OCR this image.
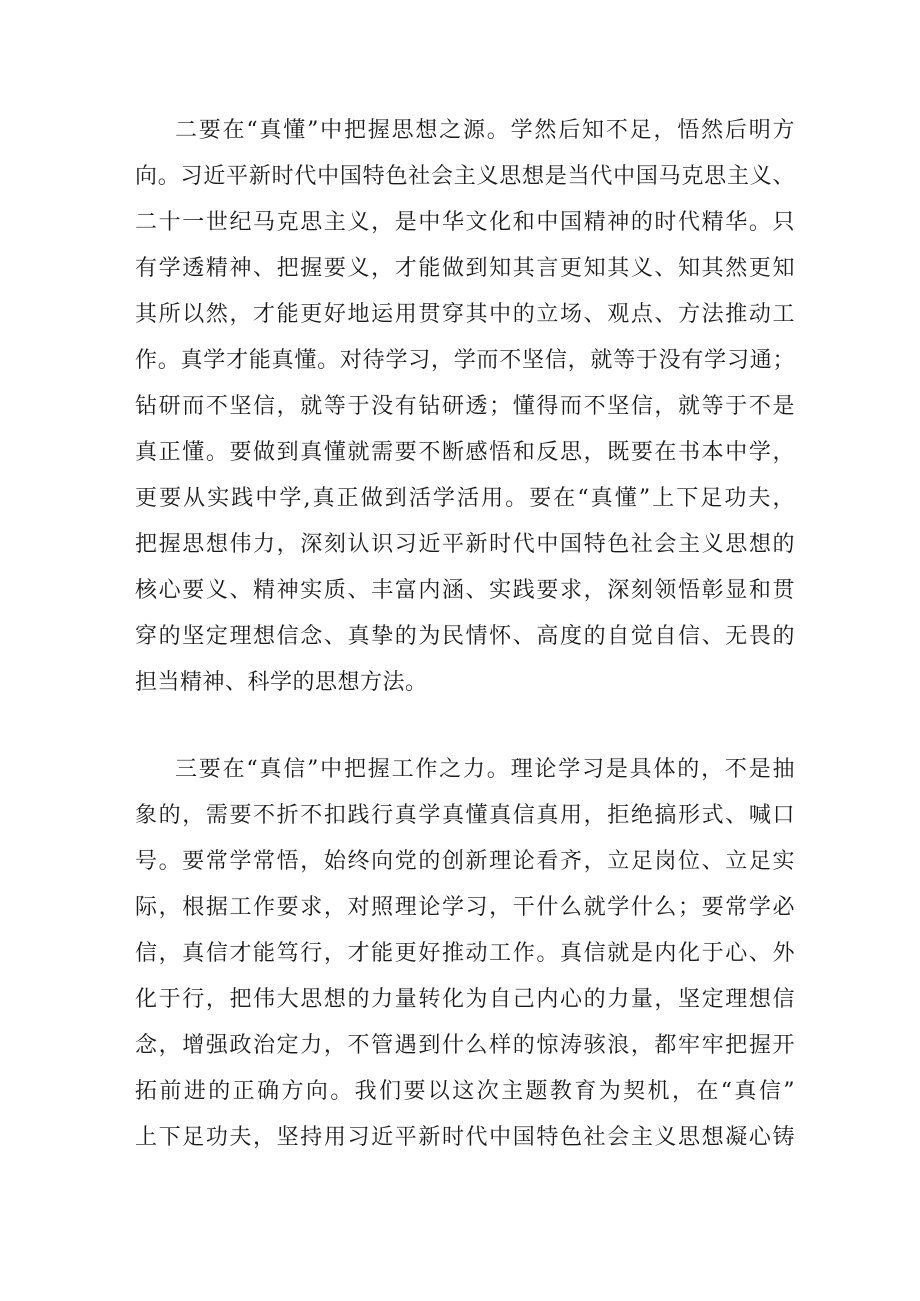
二要在“真懂”中把握思想之源。学然后知不足，悟然后明方
向。习近平新时代中国特色社会主义思想是当代中国马克思主义、
二十一世纪马克思主义，是中华文化和中国精神的时代精华。只
有学透精神、把握要义，才能做到知其言更知其义、知其然更知
其所以然，才能更好地运用贯穿其中的立场、观点、方法推动工
作。真学才能真懂。对待学习，学而不坚信，就等于没有学习通；
钻研而不坚信，就等于没有钻研透；懂得而不坚信，就等于不是
真正懂。要做到真懂就需要不断感悟和反思，既要在书本中学，
更要从实践中学,真正做到活学活用。要在“真懂”上下足功夫，
把握思想伟力，深刻认识习近平新时代中国特色社会主义思想的
核心要义、精神实质、丰富内涵、实践要求，深刻领悟彰显和贯
穿的坚定理想信念、真挚的为民情怀、高度的自觉自信、无畏的
担当精神、科学的思想方法。
三要在“真信”中把握工作之力。理论学习是具体的，不是抽
象的，需要不折不扣践行真学真懂真信真用，拒绝搞形式、喊口
号。要常学常悟，始终向党的创新理论看齐，立足岗位、立足实
际，根据工作要求，对照理论学习，干什么就学什么；要常学必
信，真信才能笃行，才能更好推动工作。真信就是内化于心、外
化于行，把伟大思想的力量转化为自己内心的力量，坚定理想信
念，增强政治定力，不管遇到什么样的惊涛骇浪，都牢牢把握开
拓前进的正确方向。我们要以这次主题教育为契机，在“真信”
上下足功夫，坚持用习近平新时代中国特色社会主义思想凝心铸
